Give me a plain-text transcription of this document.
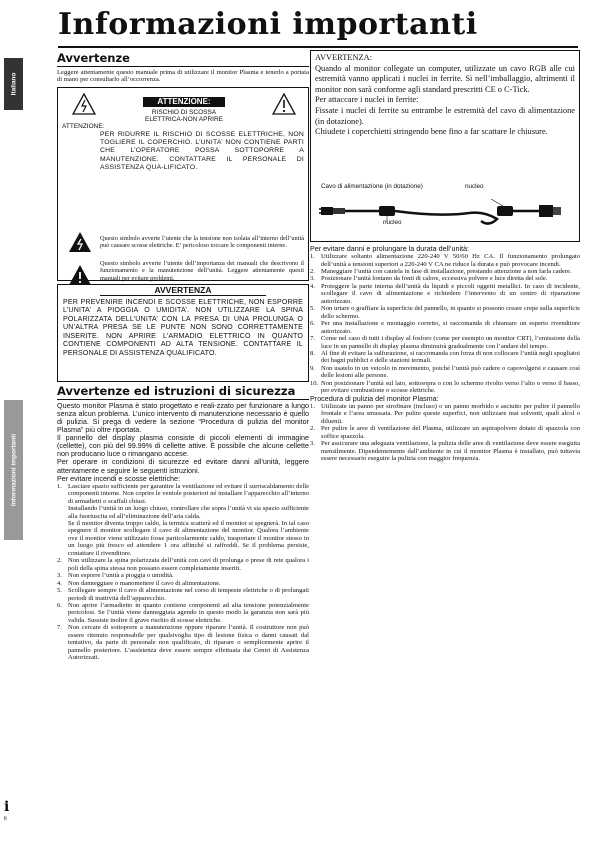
Informazioni importanti
Italiano
Informazioni importanti
i
It
Avvertenze

Leggere attentamente questo manuale prima di utilizzare il monitor Plasma e tenerlo a portata di mano per consultarlo all’occorrenza.

ATTENZIONE:
RISCHIO DI SCOSSA
ELETTRICA-NON APRIRE
ATTENZIONE:
PER RIDURRE IL RISCHIO DI SCOSSE ELETTRICHE, NON TOGLIERE IL COPERCHIO. L’UNITA’ NON CONTIENE PARTI CHE L’OPERATORE POSSA SOTTOPORRE A MANUTENZIONE. CONTATTARE IL PERSONALE DI ASSISTENZA QUA-LIFICATO.
Questo simbolo avverte l’utente che la tensione non isolata all’interno dell’unità può causare scosse elettriche. E’ pericoloso toccare le componenti interne.
Questo simbolo avverte l’utente dell’importanza dei manuali che descrivono il funzionamento e la manutenzione dell’unità. Leggere attentamente questi manuali per evitare problemi.
AVVERTENZA
PER PREVENIRE INCENDI E SCOSSE ELETTRICHE, NON ESPORRE L’UNITA’ A PIOGGIA O UMIDITA’. NON UTILIZZARE LA SPINA POLARIZZATA DELL’UNITA’ CON LA PRESA DI UNA PROLUNGA O UN’ALTRA PRESA SE LE PUNTE NON SONO CORRETTAMENTE INSERITE. NON APRIRE L’ARMADIO ELETTRICO IN QUANTO CONTIENE COMPONENTI AD ALTA TENSIONE. CONTATTARE IL PERSONALE DI ASSISTENZA QUALIFICATO.
Avvertenze ed istruzioni di sicurezza

Questo monitor Plasma è stato progettato e reali-zzato per funzionare a lungo senza alcun problema. L’unico intervento di manutenzione necessario è quello di pulizia. Si prega di vedere la sezione “Procedura di pulizia del monitor Plasma” più oltre riportata.

Il pannello del display plasma consiste di piccoli elementi di immagine (cellette), con più del 99.99% di cellette attive. È possibile che alcune cellette non producano luce o rimangano accese.

Per operare in condizioni di sicurezze ed evitare danni all’unità, leggere attentamente e seguire le seguenti istruzioni.

Per evitare incendi e scosse elettriche:

1. Lasciare spazio sufficiente per garantire la ventilazione ed evitare il surriscaldamento delle componenti interne. Non coprire le ventole posteriori né installare l’apparecchio all’interno di armadietti o scaffali chiusi.
Installando l’unità in un luogo chiuso, controllare che sopra l’unità vi sia spazio sufficiente alla fuoriuscita ed all’eliminazione dell’aria calda.
Se il monitor diventa troppo caldo, la termica scatterà ed il monitor si spegnerà. In tal caso spegnere il monitor scollegare il cavo di alimentazione del monitor. Qualora l’ambiente ove il monitor viene utilizzato fosse particolarmente caldo, trasportare il monitor stesso in un luogo più fresco ed attendere 1 ora affinché si raffreddi. Se il problema persiste, contattare il rivenditore.
2. Non utilizzare la spina polarizzata dell’unità con cavi di prolunga o prese di rete qualora i poli della spina stessa non possano essere completamente inseriti.
3. Non esporre l’unità a pioggia o umidità.
4. Non danneggiare o manomettere il cavo di alimentazione.
5. Scollegare sempre il cavo di alimentazione nel corso di tempeste elettriche o di prolungati periodi di inattività dell’apparecchio.
6. Non aprire l’armadietto in quanto contiene componenti ad alta tensione potenzialmente pericolosi. Se l’unità viene danneggiata agendo in questo modo la garanzia non sarà più valida. Sussiste inoltre il grave rischio di scosse elettriche.
7. Non cercare di sottoporre a manutenzione oppure riparare l’unità. Il costruttore non può essere ritenuto responsabile per qualsivoglia tipo di lesione fisica o danni causati dal tentativo, da parte di personale non qualificato, di riparare o semplicemente aprire il pannello posteriore. L’assistenza deve essere sempre effettuata dai Centri di Assistenza Autorizzati.
AVVERTENZA:
Quando al monitor collegate un computer, utilizzate un cavo RGB alle cui estremità vanno applicati i nuclei in ferrite. Si nell’imballaggio, altrimenti il monitor non sarà conforme agli standard prescritti CE o C-Tick.
Per attaccare i nuclei in ferrite:
Fissate i nuclei di ferrite su entrambe le estremità del cavo di alimentazione (in dotazione).
Chiudete i coperchietti stringendo bene fino a far scattare le chiusure.
Cavo di alimentazione (in dotazione)	nucleo
nucleo

Per evitare danni e prolungare la durata dell’unità:

1. Utilizzare soltanto alimentazione 220-240 V 50/60 Hz CA. Il funzionamento prolungato dell’unità a tensioni superiori a 220-240 V CA ne riduce la durata e può provocare incendi.
2. Maneggiare l’unità con cautela in fase di installazione, prestando attenzione a non farla cadere.
3. Posizionare l’unità lontano da fonti di calore, eccessiva polvere e luce diretta del sole.
4. Proteggere la parte interna dell’unità da liquidi e piccoli oggetti metallici. In caso di incidente, scollegare il cavo di alimentazione e richiedere l’intervento di un centro di riparazione autorizzato.
5. Non urtare o graffiare la superficie del pannello, in quanto si possono creare crepe sulla superficie dello schermo.
6. Per una installazione e montaggio corretto, si raccomanda di chiamare un esperto rivenditore autorizzato.
7. Come nel caso di tutti i display al fosforo (come per esempio un monitor CRT), l’emissione della luce in un pannello di display plasma diminuirà gradualmente con l’andare del tempo.
8. Al fine di evitare la sulfurazione, si raccomanda con forza di non collocare l’unità negli spogliatoi dei bagni pubblici e delle stazioni termali.
9. Non usatelo in un veicolo in movimento, poiché l’unità può cadere o capovolgersi e causare così delle lesioni alle persone.
10. Non posizionare l’unità sul lato, sottosopra o con lo schermo rivolto verso l’alto o verso il basso, per evitare combustione o scosse elettriche.

Procedura di pulizia del monitor Plasma:

1. Utilizzate un panno per strofinare (incluso) o un panno morbido e asciutto per pulire il pannello frontale e l’area smussata. Per pulire queste superfici, non utilizzare mai solventi, quali alcol o diluenti.
2. Per pulire le aree di ventilazione del Plasma, utilizzare un aspirapolvere dotato di spazzola con soffice spazzola.
3. Per assicurare una adeguata ventilazione, la pulizia delle aree di ventilazione deve essere eseguita mensilmente. Dipendentemente dall’ambiente in cui il monitor Plasma è installato, può tuttavia essere necessario eseguire la pulizia con maggior frequenza.
